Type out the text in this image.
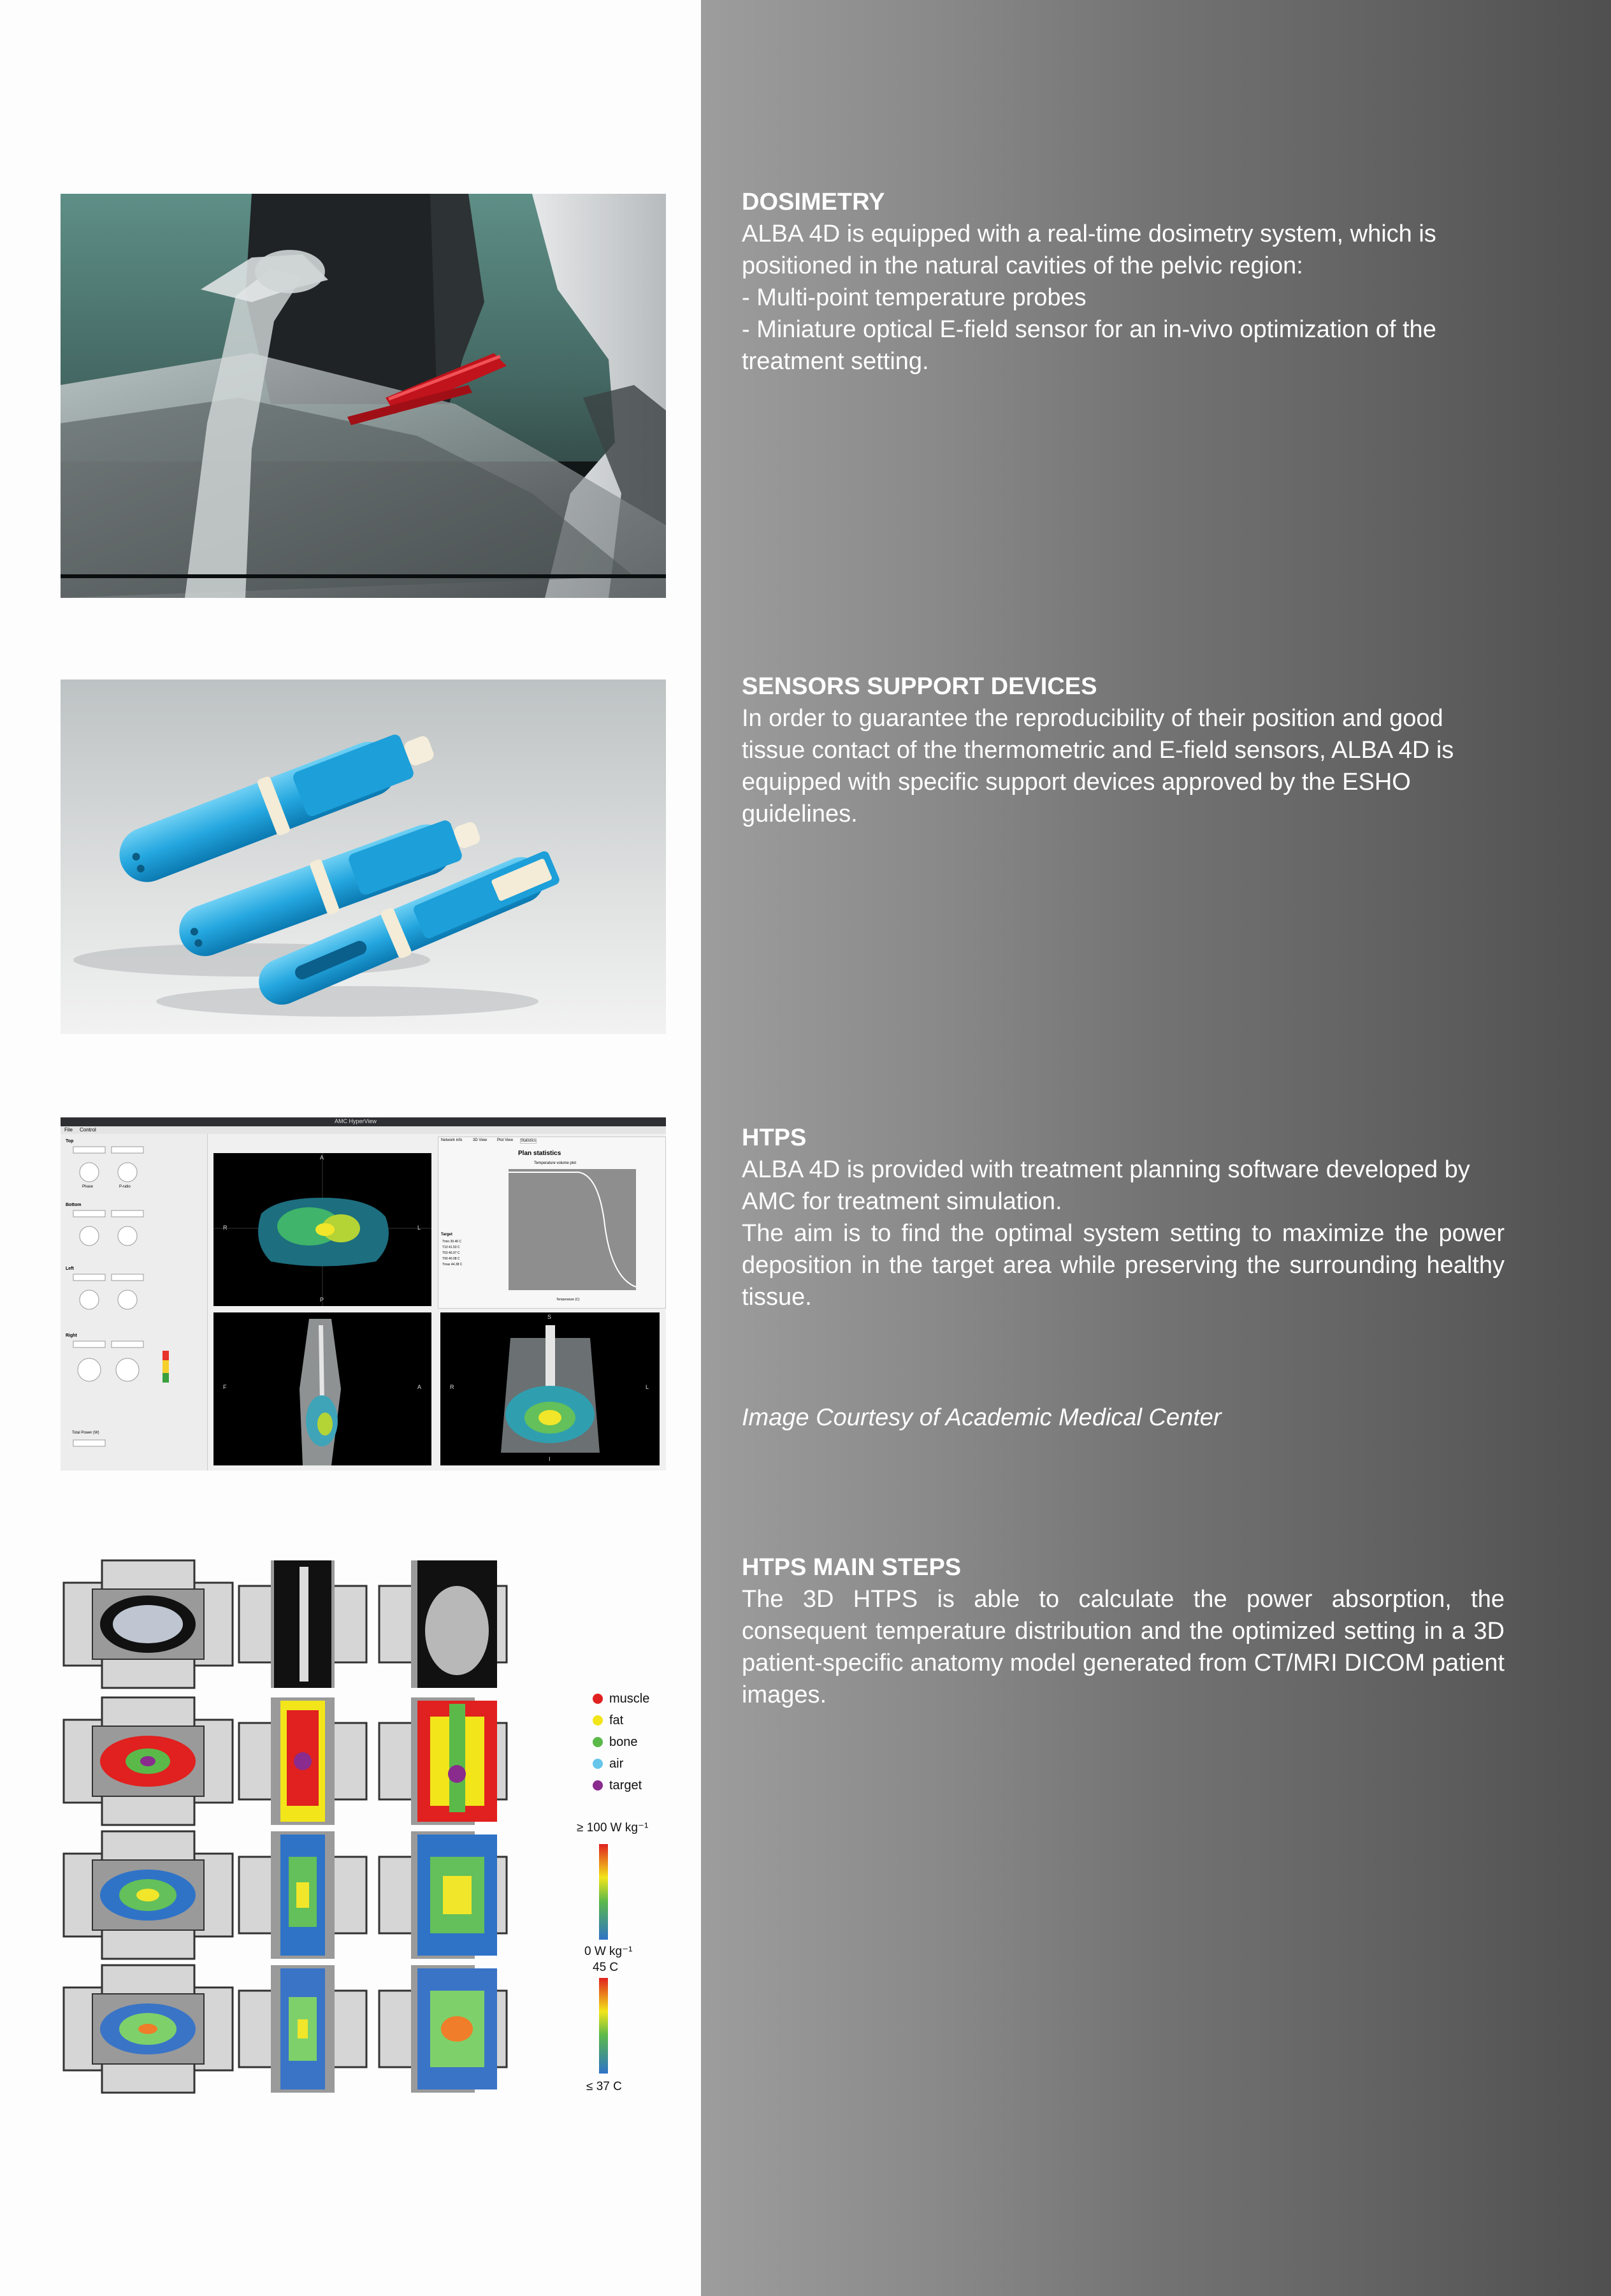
AMC HyperView
File Control
Top
Bottom
Left
Right
Phase	P-ratio
Total Power (W)
A
P
R	L
Network info	3D View	Plot View Statistics
Plan statistics
Temperature volume plot
Target
Tmin 39.46 C
T10 41.53 C
T50 40.97 C
T90 40.08 C
Tmax 44.38 C
Temperature (C)
F	A
S
I
R	L
muscle
fat
bone
air
target
≥ 100 W kg⁻¹
0 W kg⁻¹
45 C
≤ 37 C
DOSIMETRY
ALBA 4D is equipped with a real-time dosimetry system, which is
positioned in the natural cavities of the pelvic region:
- Multi-point temperature probes
- Miniature optical E-field sensor for an in-vivo optimization of the
treatment setting.
SENSORS SUPPORT DEVICES
In order to guarantee the reproducibility of their position and good tissue contact of the thermometric and E-field sensors, ALBA 4D is equipped with specific support devices approved by the ESHO guidelines.
HTPS
ALBA 4D is provided with treatment planning software developed by AMC for treatment simulation.
The aim is to find the optimal system setting to maximize the power deposition in the target area while preserving the surrounding healthy tissue.
Image Courtesy of Academic Medical Center
HTPS MAIN STEPS
The 3D HTPS is able to calculate the power absorption, the consequent temperature distribution and the optimized setting in a 3D patient-specific anatomy model generated from CT/MRI DICOM patient images.
